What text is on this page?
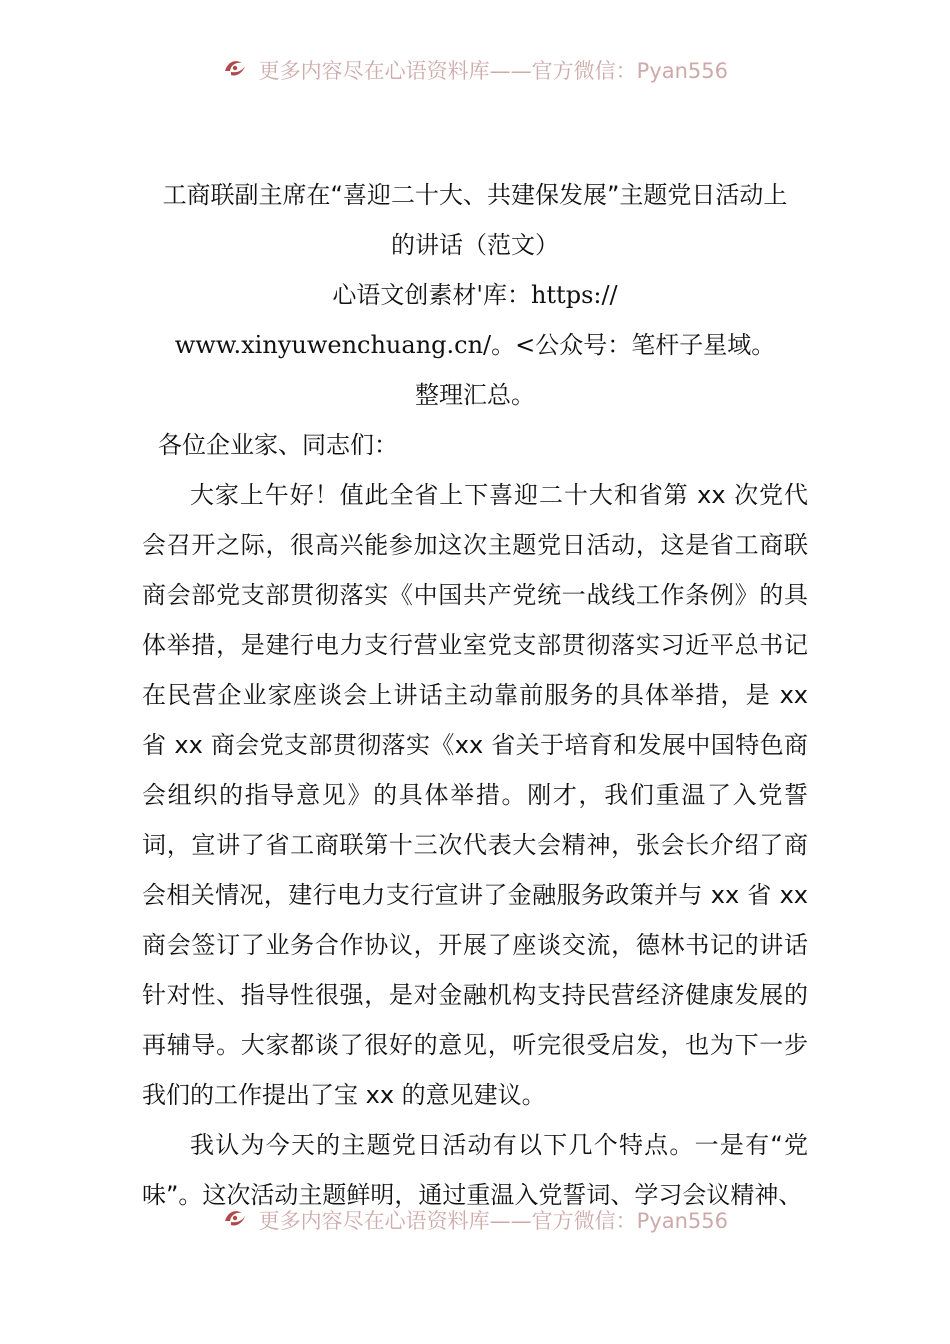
更多内容尽在心语资料库——官方微信：Pyan556
工商联副主席在“喜迎二十大、共建保发展”主题党日活动上
的讲话（范文）
心语文创素材'库：https://
www.xinyuwenchuang.cn/。<公众号：笔杆子星域。
整理汇总。
各位企业家、同志们：

大家上午好！值此全省上下喜迎二十大和省第 xx 次党代会召开之际，很高兴能参加这次主题党日活动，这是省工商联商会部党支部贯彻落实《中国共产党统一战线工作条例》的具体举措，是建行电力支行营业室党支部贯彻落实习近平总书记在民营企业家座谈会上讲话主动靠前服务的具体举措，是 xx 省 xx 商会党支部贯彻落实《xx 省关于培育和发展中国特色商会组织的指导意见》的具体举措。刚才，我们重温了入党誓词，宣讲了省工商联第十三次代表大会精神，张会长介绍了商会相关情况，建行电力支行宣讲了金融服务政策并与 xx 省 xx 商会签订了业务合作协议，开展了座谈交流，德林书记的讲话针对性、指导性很强，是对金融机构支持民营经济健康发展的再辅导。大家都谈了很好的意见，听完很受启发，也为下一步我们的工作提出了宝 xx 的意见建议。

我认为今天的主题党日活动有以下几个特点。一是有“党味”。这次活动主题鲜明，通过重温入党誓词、学习会议精神、

更多内容尽在心语资料库——官方微信：Pyan556
